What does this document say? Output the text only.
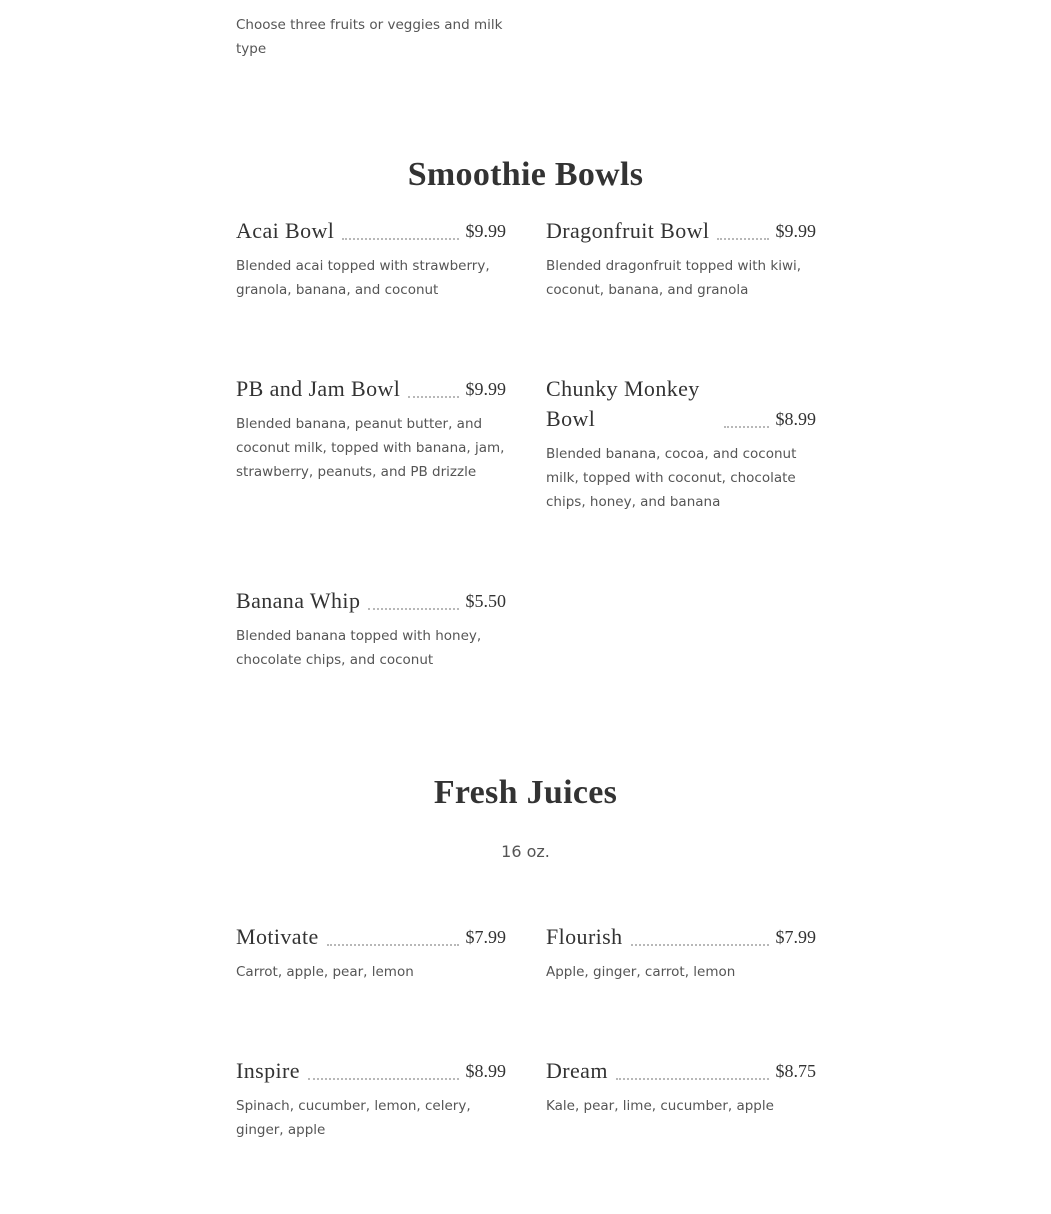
Choose three fruits or veggies and milk type
Smoothie Bowls
Acai Bowl	$9.99
Blended acai topped with strawberry, granola, banana, and coconut
Dragonfruit Bowl	$9.99
Blended dragonfruit topped with kiwi, coconut, banana, and granola
PB and Jam Bowl	$9.99
Blended banana, peanut butter, and coconut milk, topped with banana, jam, strawberry, peanuts, and PB drizzle
Chunky Monkey Bowl	$8.99
Blended banana, cocoa, and coconut milk, topped with coconut, chocolate chips, honey, and banana
Banana Whip	$5.50
Blended banana topped with honey, chocolate chips, and coconut
Fresh Juices
16 oz.
Motivate	$7.99
Carrot, apple, pear, lemon
Flourish	$7.99
Apple, ginger, carrot, lemon
Inspire	$8.99
Spinach, cucumber, lemon, celery, ginger, apple
Dream	$8.75
Kale, pear, lime, cucumber, apple
